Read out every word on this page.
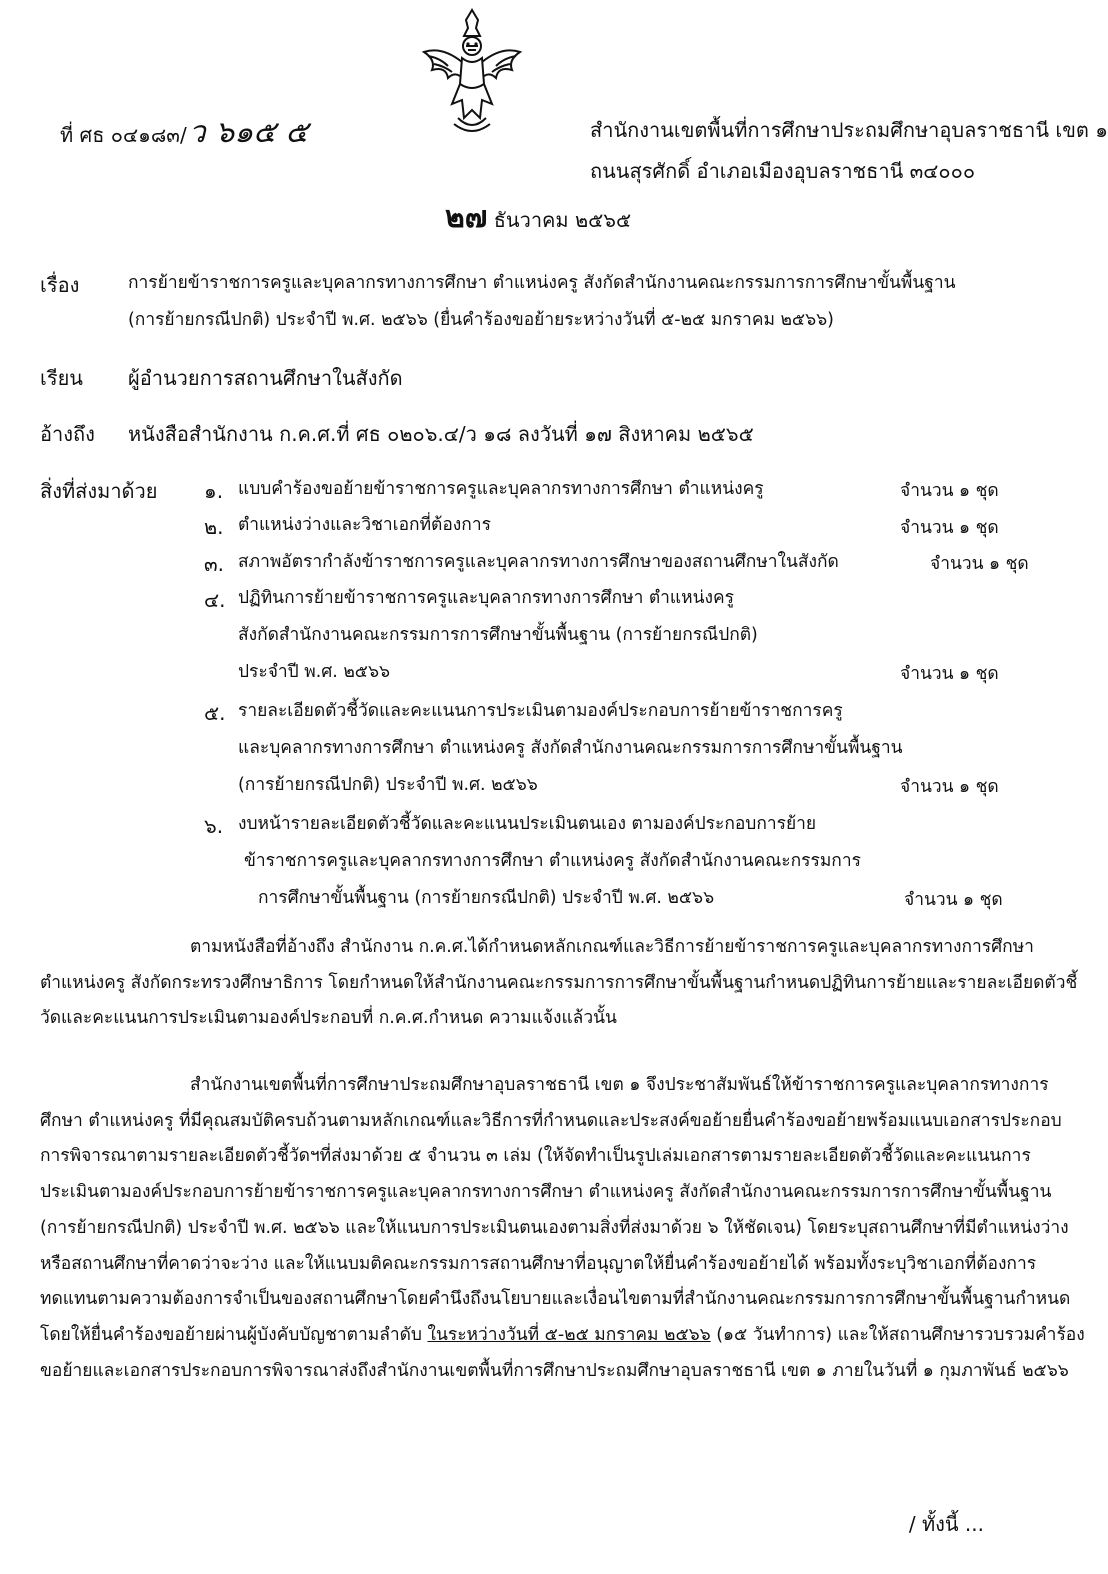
ที่ ศธ ๐๔๑๘๓/ว ๖๑๕ ๕	สำนักงานเขตพื้นที่การศึกษาประถมศึกษาอุบลราชธานี เขต ๑
ถนนสุรศักดิ์ อำเภอเมืองอุบลราชธานี ๓๔๐๐๐
๒๗ ธันวาคม ๒๕๖๕
เรื่อง	การย้ายข้าราชการครูและบุคลากรทางการศึกษา ตำแหน่งครู สังกัดสำนักงานคณะกรรมการการศึกษาขั้นพื้นฐาน
(การย้ายกรณีปกติ) ประจำปี พ.ศ. ๒๕๖๖ (ยื่นคำร้องขอย้ายระหว่างวันที่ ๕-๒๕ มกราคม ๒๕๖๖)
เรียน ผู้อำนวยการสถานศึกษาในสังกัด
อ้างถึง หนังสือสำนักงาน ก.ค.ศ.ที่ ศธ ๐๒๐๖.๔/ว ๑๘ ลงวันที่ ๑๗ สิงหาคม ๒๕๖๕
สิ่งที่ส่งมาด้วย ๑. แบบคำร้องขอย้ายข้าราชการครูและบุคลากรทางการศึกษา ตำแหน่งครู	จำนวน ๑ ชุด
๒. ตำแหน่งว่างและวิชาเอกที่ต้องการ	จำนวน ๑ ชุด
๓. สภาพอัตรากำลังข้าราชการครูและบุคลากรทางการศึกษาของสถานศึกษาในสังกัด	จำนวน ๑ ชุด
๔. ปฏิทินการย้ายข้าราชการครูและบุคลากรทางการศึกษา ตำแหน่งครู
สังกัดสำนักงานคณะกรรมการการศึกษาขั้นพื้นฐาน (การย้ายกรณีปกติ)
ประจำปี พ.ศ. ๒๕๖๖	จำนวน ๑ ชุด
๕. รายละเอียดตัวชี้วัดและคะแนนการประเมินตามองค์ประกอบการย้ายข้าราชการครู
และบุคลากรทางการศึกษา ตำแหน่งครู สังกัดสำนักงานคณะกรรมการการศึกษาขั้นพื้นฐาน
(การย้ายกรณีปกติ) ประจำปี พ.ศ. ๒๕๖๖	จำนวน ๑ ชุด
๖. งบหน้ารายละเอียดตัวชี้วัดและคะแนนประเมินตนเอง ตามองค์ประกอบการย้าย
ข้าราชการครูและบุคลากรทางการศึกษา ตำแหน่งครู สังกัดสำนักงานคณะกรรมการ
การศึกษาขั้นพื้นฐาน (การย้ายกรณีปกติ) ประจำปี พ.ศ. ๒๕๖๖	จำนวน ๑ ชุด
ตามหนังสือที่อ้างถึง สำนักงาน ก.ค.ศ.ได้กำหนดหลักเกณฑ์และวิธีการย้ายข้าราชการครูและบุคลากรทางการศึกษา ตำแหน่งครู สังกัดกระทรวงศึกษาธิการ โดยกำหนดให้สำนักงานคณะกรรมการการศึกษาขั้นพื้นฐานกำหนดปฏิทินการย้ายและรายละเอียดตัวชี้วัดและคะแนนการประเมินตามองค์ประกอบที่ ก.ค.ศ.กำหนด ความแจ้งแล้วนั้น
สำนักงานเขตพื้นที่การศึกษาประถมศึกษาอุบลราชธานี เขต ๑ จึงประชาสัมพันธ์ให้ข้าราชการครูและบุคลากรทางการศึกษา ตำแหน่งครู ที่มีคุณสมบัติครบถ้วนตามหลักเกณฑ์และวิธีการที่กำหนดและประสงค์ขอย้ายยื่นคำร้องขอย้ายพร้อมแนบเอกสารประกอบการพิจารณาตามรายละเอียดตัวชี้วัดฯที่ส่งมาด้วย ๕ จำนวน ๓ เล่ม (ให้จัดทำเป็นรูปเล่มเอกสารตามรายละเอียดตัวชี้วัดและคะแนนการประเมินตามองค์ประกอบการย้ายข้าราชการครูและบุคลากรทางการศึกษา ตำแหน่งครู สังกัดสำนักงานคณะกรรมการการศึกษาขั้นพื้นฐาน (การย้ายกรณีปกติ) ประจำปี พ.ศ. ๒๕๖๖ และให้แนบการประเมินตนเองตามสิ่งที่ส่งมาด้วย ๖ ให้ชัดเจน) โดยระบุสถานศึกษาที่มีตำแหน่งว่างหรือสถานศึกษาที่คาดว่าจะว่าง และให้แนบมติคณะกรรมการสถานศึกษาที่อนุญาตให้ยื่นคำร้องขอย้ายได้ พร้อมทั้งระบุวิชาเอกที่ต้องการทดแทนตามความต้องการจำเป็นของสถานศึกษาโดยคำนึงถึงนโยบายและเงื่อนไขตามที่สำนักงานคณะกรรมการการศึกษาขั้นพื้นฐานกำหนด โดยให้ยื่นคำร้องขอย้ายผ่านผู้บังคับบัญชาตามลำดับ ในระหว่างวันที่ ๕-๒๕ มกราคม ๒๕๖๖ (๑๕ วันทำการ) และให้สถานศึกษารวบรวมคำร้องขอย้ายและเอกสารประกอบการพิจารณาส่งถึงสำนักงานเขตพื้นที่การศึกษาประถมศึกษาอุบลราชธานี เขต ๑ ภายในวันที่ ๑ กุมภาพันธ์ ๒๕๖๖
/ ทั้งนี้ ...
